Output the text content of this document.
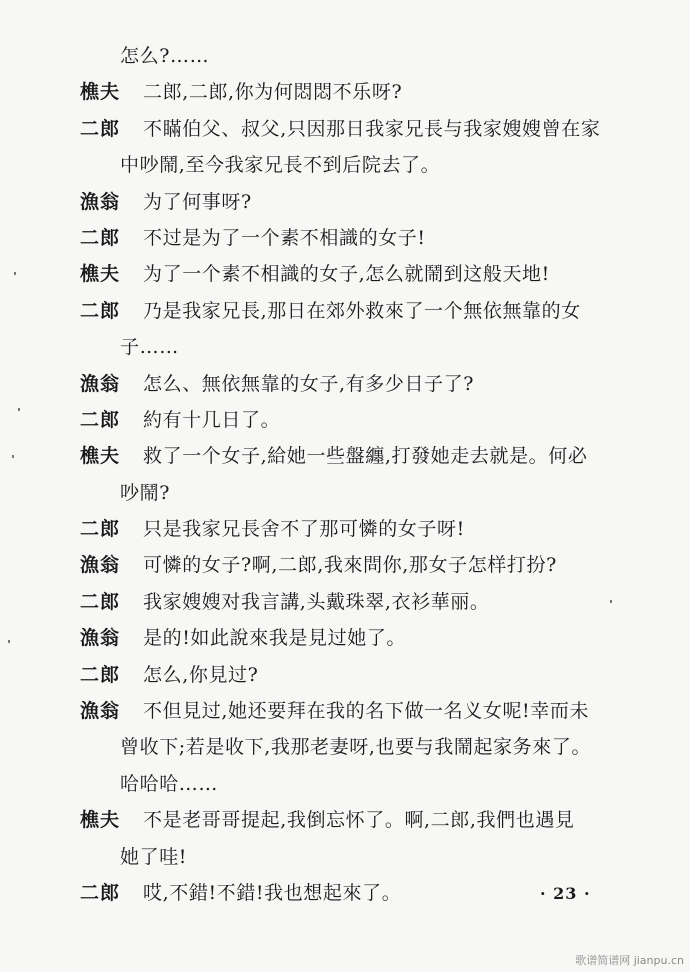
怎么?……
樵夫	二郎,二郎,你为何悶悶不乐呀?
二郎	不瞞伯父、叔父,只因那日我家兄長与我家嫂嫂曾在家
中吵鬧,至今我家兄長不到后院去了。
漁翁	为了何事呀?
二郎	不过是为了一个素不相識的女子!
樵夫	为了一个素不相識的女子,怎么就鬧到这般天地!
二郎	乃是我家兄長,那日在郊外救來了一个無依無靠的女
子……
漁翁	怎么、無依無靠的女子,有多少日子了?
二郎	約有十几日了。
樵夫	救了一个女子,給她一些盤纏,打發她走去就是。何必
吵鬧?
二郎	只是我家兄長舍不了那可憐的女子呀!
漁翁	可憐的女子?啊,二郎,我來問你,那女子怎样打扮?
二郎	我家嫂嫂对我言講,头戴珠翠,衣衫華丽。
漁翁	是的!如此說來我是見过她了。
二郎	怎么,你見过?
漁翁	不但見过,她还要拜在我的名下做一名义女呢!幸而未
曾收下;若是收下,我那老妻呀,也要与我鬧起家务來了。
哈哈哈……
樵夫	不是老哥哥提起,我倒忘怀了。啊,二郎,我們也遇見
她了哇!
二郎	哎,不錯!不錯!我也想起來了。	· 23 ·
歌谱简谱网 jianpu.cn
